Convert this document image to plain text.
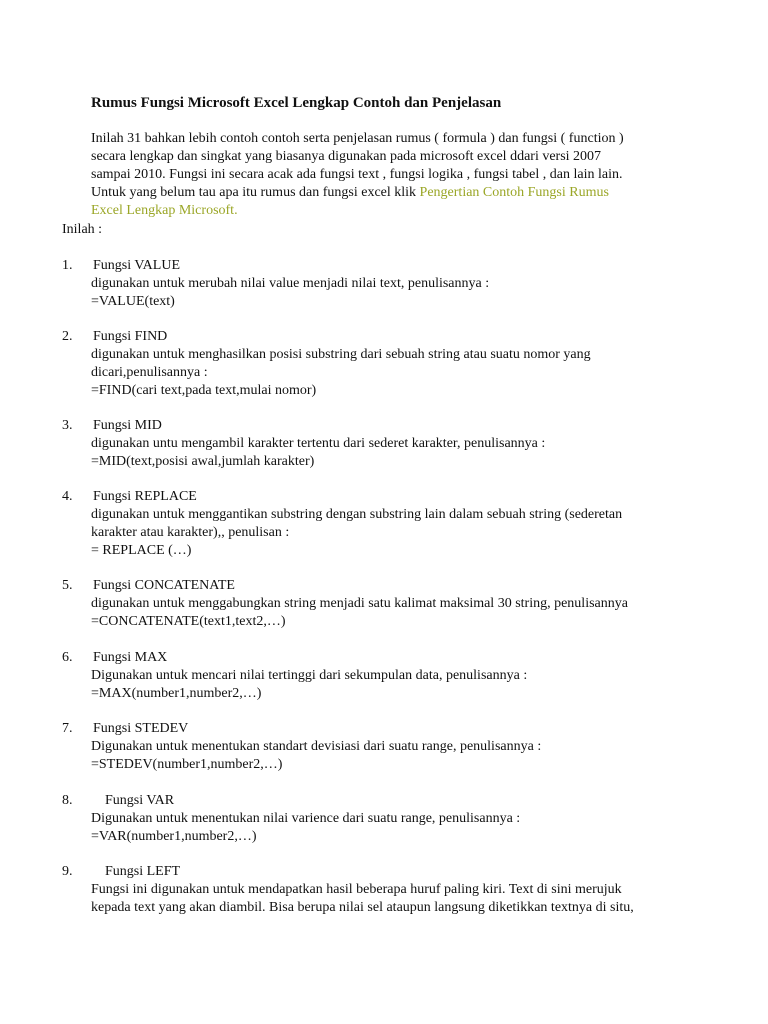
Rumus Fungsi Microsoft Excel Lengkap Contoh dan Penjelasan
Inilah 31 bahkan lebih contoh contoh serta penjelasan rumus ( formula ) dan fungsi ( function )
secara lengkap dan singkat yang biasanya digunakan pada microsoft excel ddari versi 2007
sampai 2010. Fungsi ini secara acak ada fungsi text , fungsi logika , fungsi tabel , dan lain lain.
Untuk yang belum tau apa itu rumus dan fungsi excel klik Pengertian Contoh Fungsi Rumus
Excel Lengkap Microsoft.
Inilah :
1. Fungsi VALUE
digunakan untuk merubah nilai value menjadi nilai text, penulisannya :
=VALUE(text)
2. Fungsi FIND
digunakan untuk menghasilkan posisi substring dari sebuah string atau suatu nomor yang
dicari,penulisannya :
=FIND(cari text,pada text,mulai nomor)
3. Fungsi MID
digunakan untu mengambil karakter tertentu dari sederet karakter, penulisannya :
=MID(text,posisi awal,jumlah karakter)
4. Fungsi REPLACE
digunakan untuk menggantikan substring dengan substring lain dalam sebuah string (sederetan
karakter atau karakter),, penulisan :
= REPLACE (…)
5. Fungsi CONCATENATE
digunakan untuk menggabungkan string menjadi satu kalimat maksimal 30 string, penulisannya
=CONCATENATE(text1,text2,…)
6. Fungsi MAX
Digunakan untuk mencari nilai tertinggi dari sekumpulan data, penulisannya :
=MAX(number1,number2,…)
7. Fungsi STEDEV
Digunakan untuk menentukan standart devisiasi dari suatu range, penulisannya :
=STEDEV(number1,number2,…)
8. Fungsi VAR
Digunakan untuk menentukan nilai varience dari suatu range, penulisannya :
=VAR(number1,number2,…)
9. Fungsi LEFT
Fungsi ini digunakan untuk mendapatkan hasil beberapa huruf paling kiri. Text di sini merujuk
kepada text yang akan diambil. Bisa berupa nilai sel ataupun langsung diketikkan textnya di situ,
